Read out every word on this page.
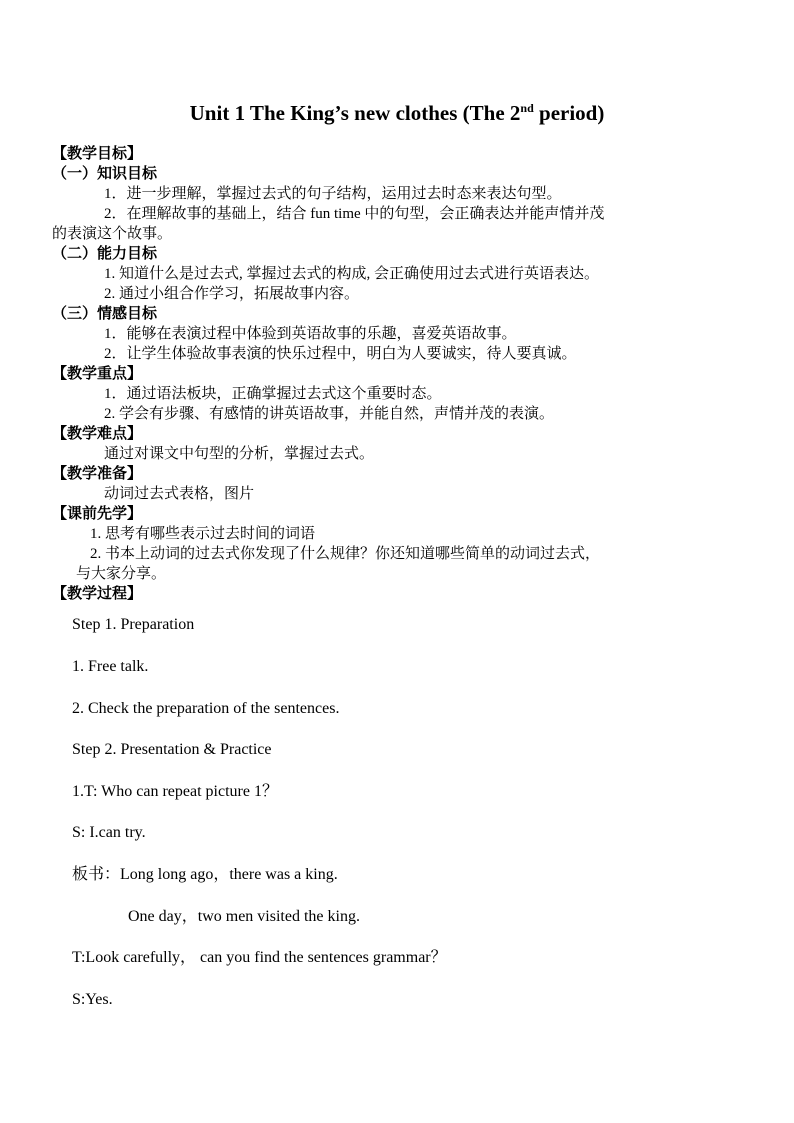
Unit 1 The King’s new clothes (The 2nd period)
【教学目标】
（一）知识目标
1．进一步理解，掌握过去式的句子结构，运用过去时态来表达句型。
2．在理解故事的基础上，结合 fun time 中的句型，会正确表达并能声情并茂
的表演这个故事。
（二）能力目标
1. 知道什么是过去式, 掌握过去式的构成, 会正确使用过去式进行英语表达。
2. 通过小组合作学习，拓展故事内容。
（三）情感目标
1．能够在表演过程中体验到英语故事的乐趣，喜爱英语故事。
2．让学生体验故事表演的快乐过程中，明白为人要诚实，待人要真诚。
【教学重点】
1．通过语法板块，正确掌握过去式这个重要时态。
2. 学会有步骤、有感情的讲英语故事，并能自然，声情并茂的表演。
【教学难点】
通过对课文中句型的分析，掌握过去式。
【教学准备】
动词过去式表格，图片
【课前先学】
1. 思考有哪些表示过去时间的词语
2. 书本上动词的过去式你发现了什么规律？你还知道哪些简单的动词过去式，
与大家分享。
【教学过程】
Step 1. Preparation
1. Free talk.
2. Check the preparation of the sentences.
Step 2. Presentation & Practice
1.T: Who can repeat picture 1？
S: I.can try.
板书：Long long ago，there was a king.
One day，two men visited the king.
T:Look carefully， can you find the sentences grammar？
S:Yes.
